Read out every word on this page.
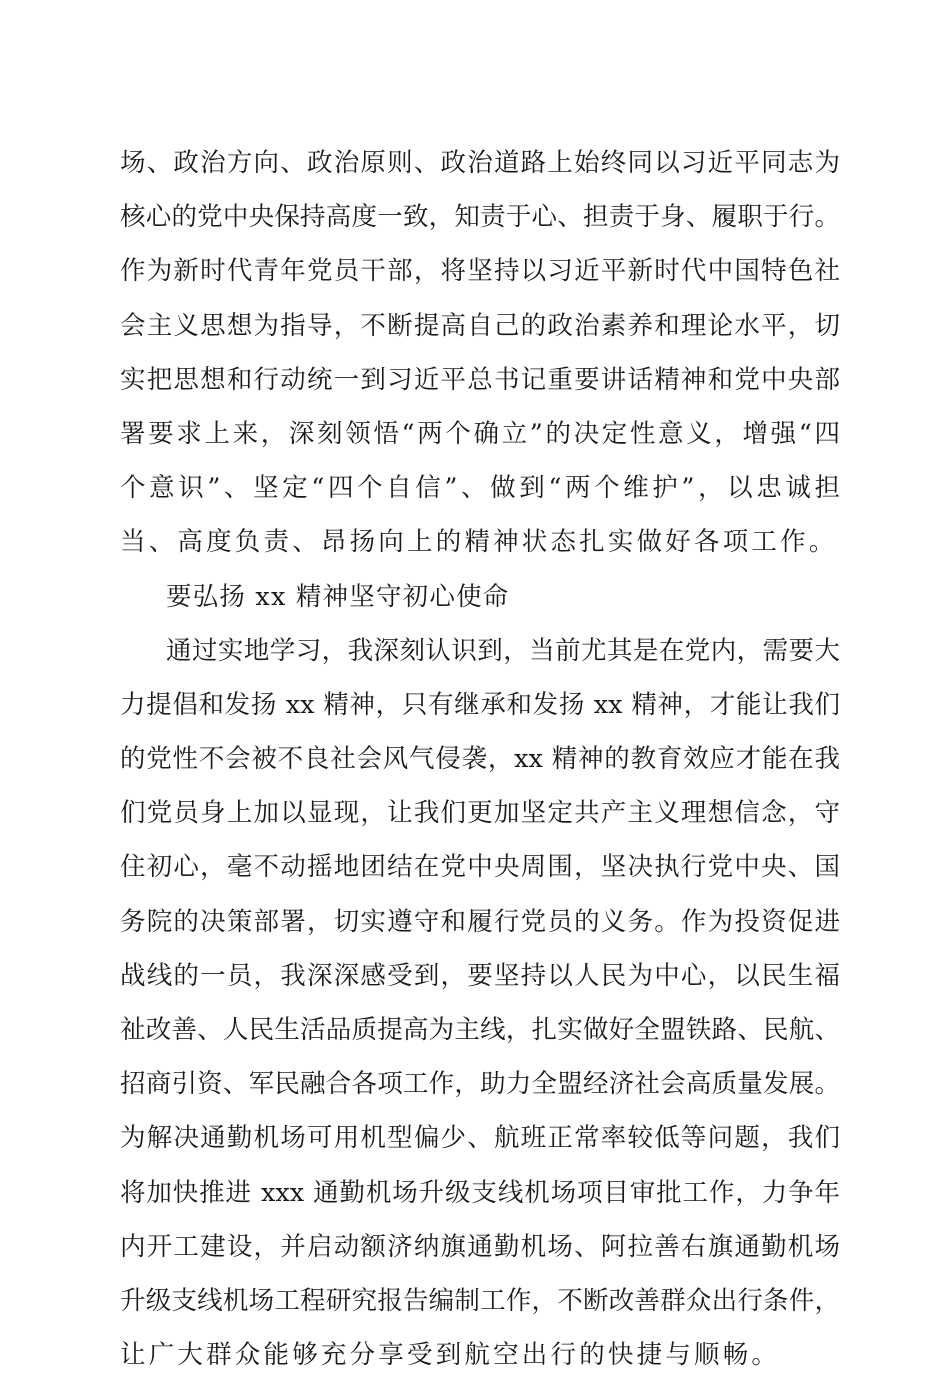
场、政治方向、政治原则、政治道路上始终同以习近平同志为
核心的党中央保持高度一致，知责于心、担责于身、履职于行。
作为新时代青年党员干部，将坚持以习近平新时代中国特色社
会主义思想为指导，不断提高自己的政治素养和理论水平，切
实把思想和行动统一到习近平总书记重要讲话精神和党中央部
署要求上来，深刻领悟“两个确立”的决定性意义，增强“四
个意识”、坚定“四个自信”、做到“两个维护”，以忠诚担
当、高度负责、昂扬向上的精神状态扎实做好各项工作。
要弘扬 xx 精神坚守初心使命
通过实地学习，我深刻认识到，当前尤其是在党内，需要大
力提倡和发扬 xx 精神，只有继承和发扬 xx 精神，才能让我们
的党性不会被不良社会风气侵袭，xx 精神的教育效应才能在我
们党员身上加以显现，让我们更加坚定共产主义理想信念，守
住初心，毫不动摇地团结在党中央周围，坚决执行党中央、国
务院的决策部署，切实遵守和履行党员的义务。作为投资促进
战线的一员，我深深感受到，要坚持以人民为中心，以民生福
祉改善、人民生活品质提高为主线，扎实做好全盟铁路、民航、
招商引资、军民融合各项工作，助力全盟经济社会高质量发展。
为解决通勤机场可用机型偏少、航班正常率较低等问题，我们
将加快推进 xxx 通勤机场升级支线机场项目审批工作，力争年
内开工建设，并启动额济纳旗通勤机场、阿拉善右旗通勤机场
升级支线机场工程研究报告编制工作，不断改善群众出行条件，
让广大群众能够充分享受到航空出行的快捷与顺畅。
